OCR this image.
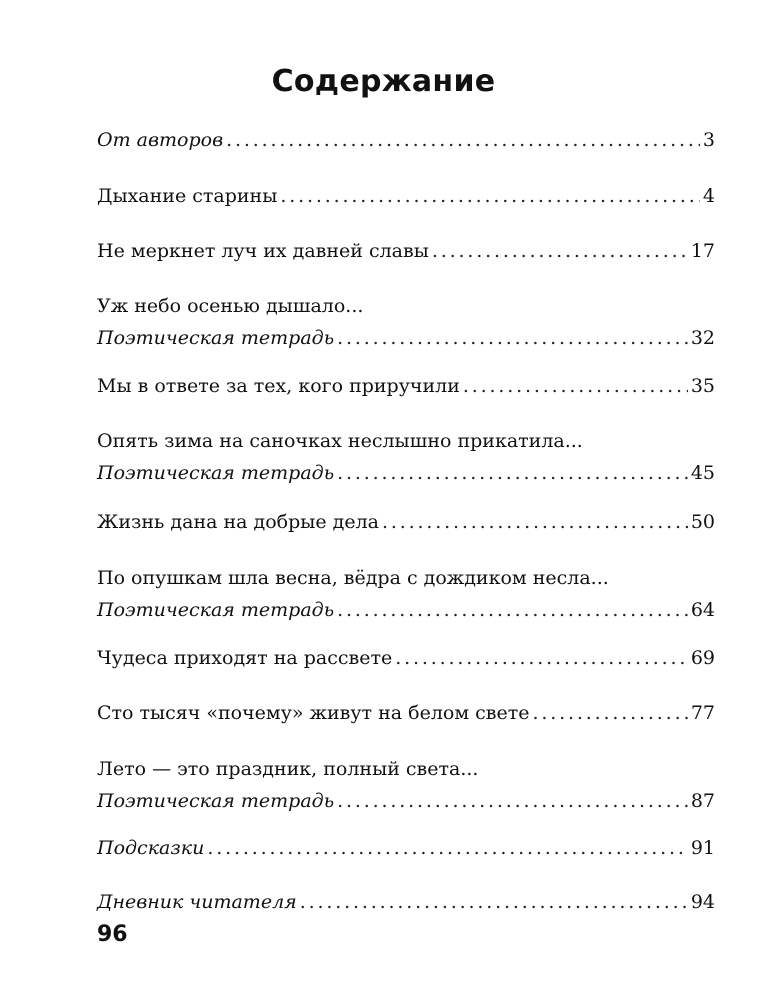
Содержание
От авторов . . .	3
Дыхание старины . . .	4
Не меркнет луч их давней славы . . .	17
Уж небо осенью дышало...
Поэтическая тетрадь . . .	32
Мы в ответе за тех, кого приручили . . .	35
Опять зима на саночках неслышно прикатила...
Поэтическая тетрадь . . .	45
Жизнь дана на добрые дела . . .	50
По опушкам шла весна, вёдра с дождиком несла...
Поэтическая тетрадь . . .	64
Чудеса приходят на рассвете . . .	69
Сто тысяч «почему» живут на белом свете . . .	77
Лето — это праздник, полный света...
Поэтическая тетрадь . . .	87
Подсказки . . .	91
Дневник читателя . . .	94
96
